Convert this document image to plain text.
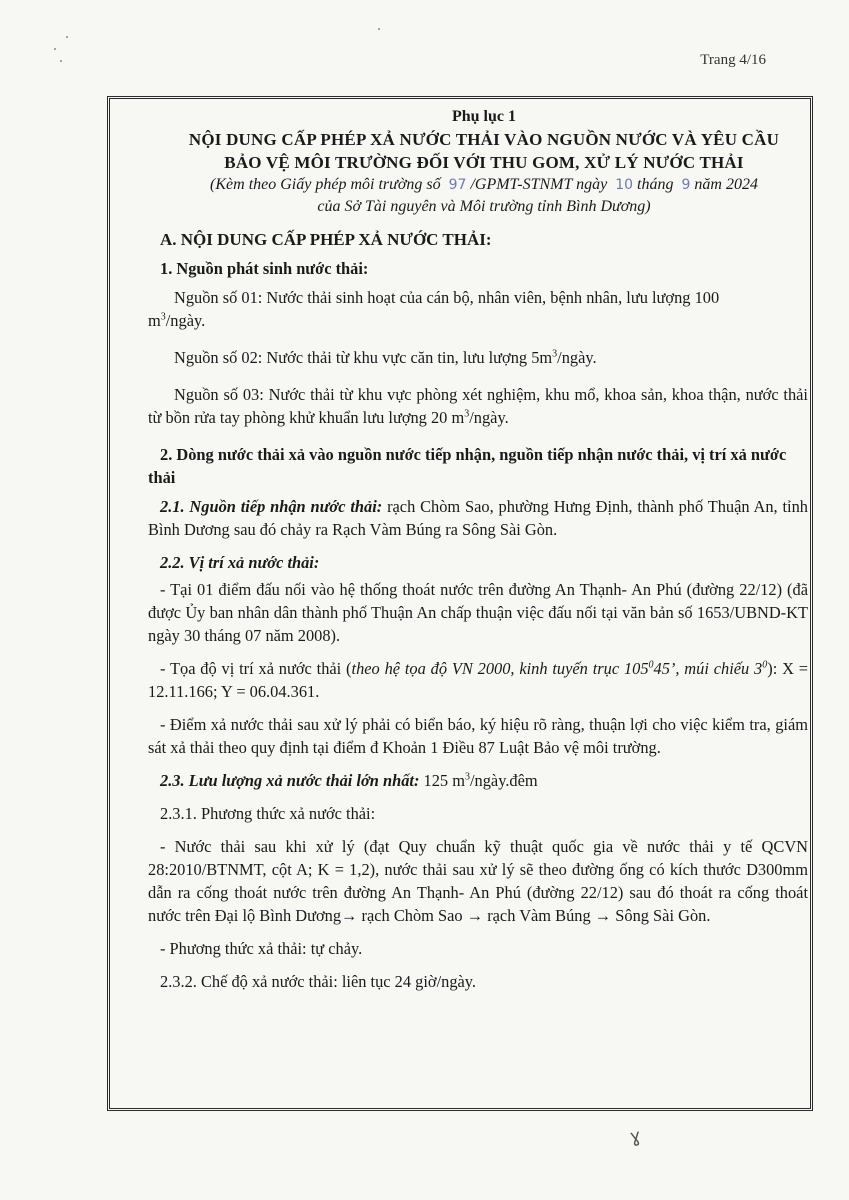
Trang 4/16
Phụ lục 1
NỘI DUNG CẤP PHÉP XẢ NƯỚC THẢI VÀO NGUỒN NƯỚC VÀ YÊU CẦU
BẢO VỆ MÔI TRƯỜNG ĐỐI VỚI THU GOM, XỬ LÝ NƯỚC THẢI
(Kèm theo Giấy phép môi trường số 97 /GPMT-STNMT ngày 10 tháng 9 năm 2024
của Sở Tài nguyên và Môi trường tỉnh Bình Dương)
A. NỘI DUNG CẤP PHÉP XẢ NƯỚC THẢI:
1. Nguồn phát sinh nước thải:

Nguồn số 01: Nước thải sinh hoạt của cán bộ, nhân viên, bệnh nhân, lưu lượng 100
$m^3$/ngày.

Nguồn số 02: Nước thải từ khu vực căn tin, lưu lượng $5m^3$/ngày.

Nguồn số 03: Nước thải từ khu vực phòng xét nghiệm, khu mổ, khoa sản, khoa thận, nước thải từ bồn rửa tay phòng khử khuẩn lưu lượng 20 $m^3$/ngày.

2. Dòng nước thải xả vào nguồn nước tiếp nhận, nguồn tiếp nhận nước thải, vị trí xả nước thải

2.1. Nguồn tiếp nhận nước thải: rạch Chòm Sao, phường Hưng Định, thành phố Thuận An, tỉnh Bình Dương sau đó chảy ra Rạch Vàm Búng ra Sông Sài Gòn.

2.2. Vị trí xả nước thải:

- Tại 01 điểm đấu nối vào hệ thống thoát nước trên đường An Thạnh- An Phú (đường 22/12) (đã được Ủy ban nhân dân thành phố Thuận An chấp thuận việc đấu nối tại văn bản số 1653/UBND-KT ngày 30 tháng 07 năm 2008).

- Tọa độ vị trí xả nước thải (theo hệ tọa độ VN 2000, kinh tuyến trục $105^045$’, múi chiếu $3^0$): X = 12.11.166; Y = 06.04.361.

- Điểm xả nước thải sau xử lý phải có biển báo, ký hiệu rõ ràng, thuận lợi cho việc kiểm tra, giám sát xả thải theo quy định tại điểm đ Khoản 1 Điều 87 Luật Bảo vệ môi trường.

2.3. Lưu lượng xả nước thải lớn nhất: 125 $m^3/ngày.đêm$

2.3.1. Phương thức xả nước thải:

- Nước thải sau khi xử lý (đạt Quy chuẩn kỹ thuật quốc gia về nước thải y tế QCVN 28:2010/BTNMT, cột A; K = 1,2), nước thải sau xử lý sẽ theo đường ống có kích thước D300mm dẫn ra cống thoát nước trên đường An Thạnh- An Phú (đường 22/12) sau đó thoát ra cống thoát nước trên Đại lộ Bình Dương→ rạch Chòm Sao → rạch Vàm Búng → Sông Sài Gòn.

- Phương thức xả thải: tự chảy.

2.3.2. Chế độ xả nước thải: liên tục 24 giờ/ngày.

ɣ
